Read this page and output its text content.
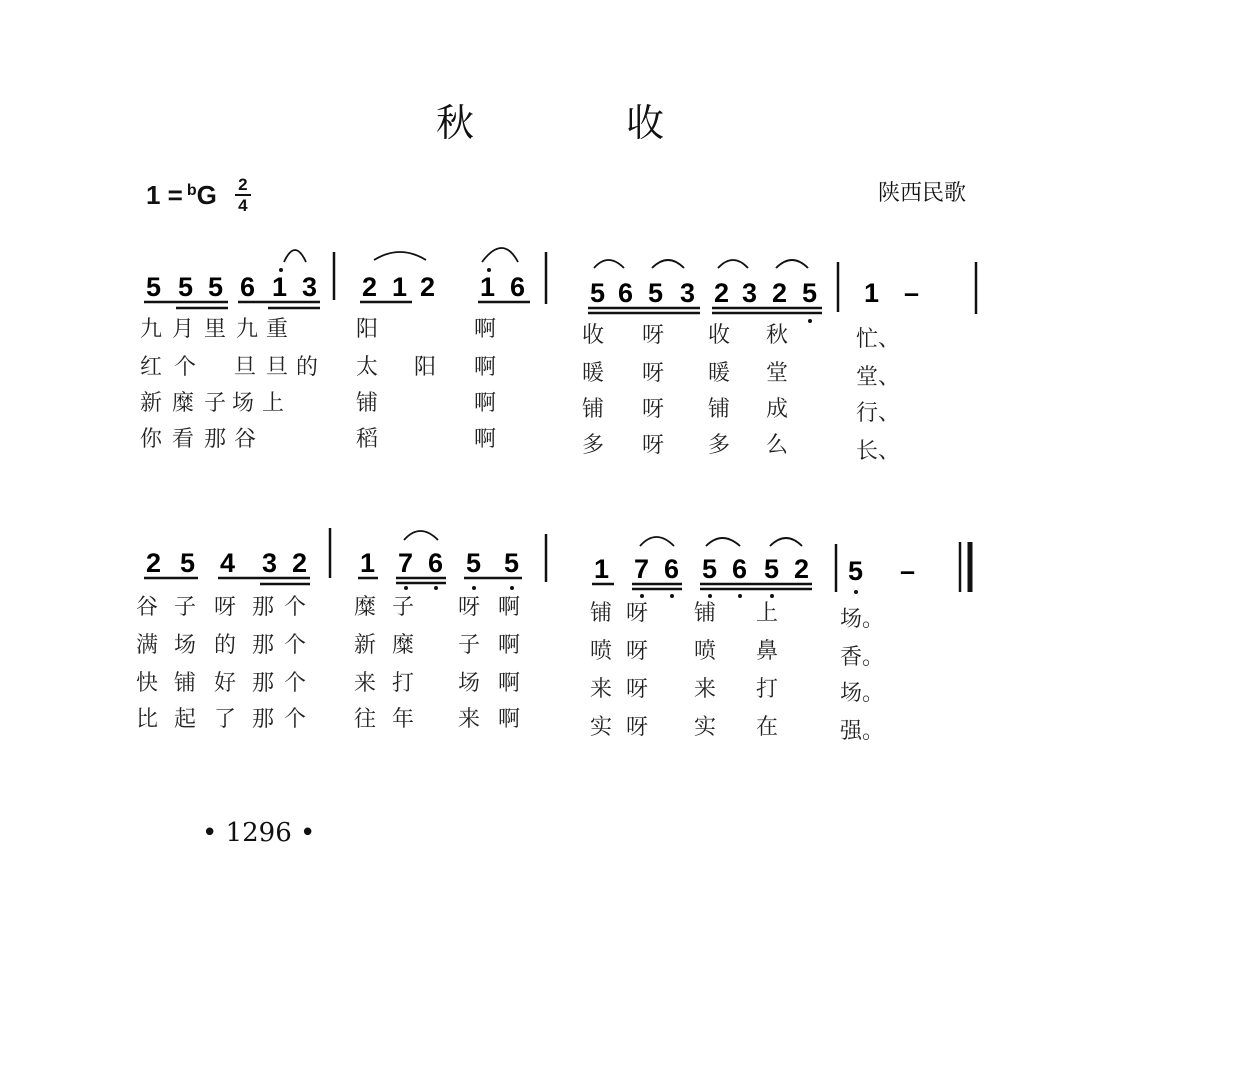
秋 收
1 = $^b$ G 2
4	陕西民歌
5 5 5 6 1 3 2 1 2 1 6 5 6 5 3 2 3 2 5 1 –
九 月 里 九 重	阳	啊	收 呀 收 秋	忙、
红 个 旦 旦 的 太 阳 啊	暖 呀 暖 堂	堂、
新 糜 子 场 上	铺	啊	铺 呀 铺 成	行、
你 看 那 谷	稻	啊	多 呀 多 么	长、
2 5 4 3 2 1 7 6 5 5	1 7 6 5 6 5 2 5 –
谷 子 呀 那 个 糜 子 呀 啊	铺 呀 铺 上	场。
满 场 的 那 个 新 糜 子 啊	喷 呀 喷 鼻	香。
快 铺 好 那 个 来 打 场 啊	来 呀 来 打	场。
比 起 了 那 个 往 年 来 啊	实 呀 实 在	强。
• 1296 •
